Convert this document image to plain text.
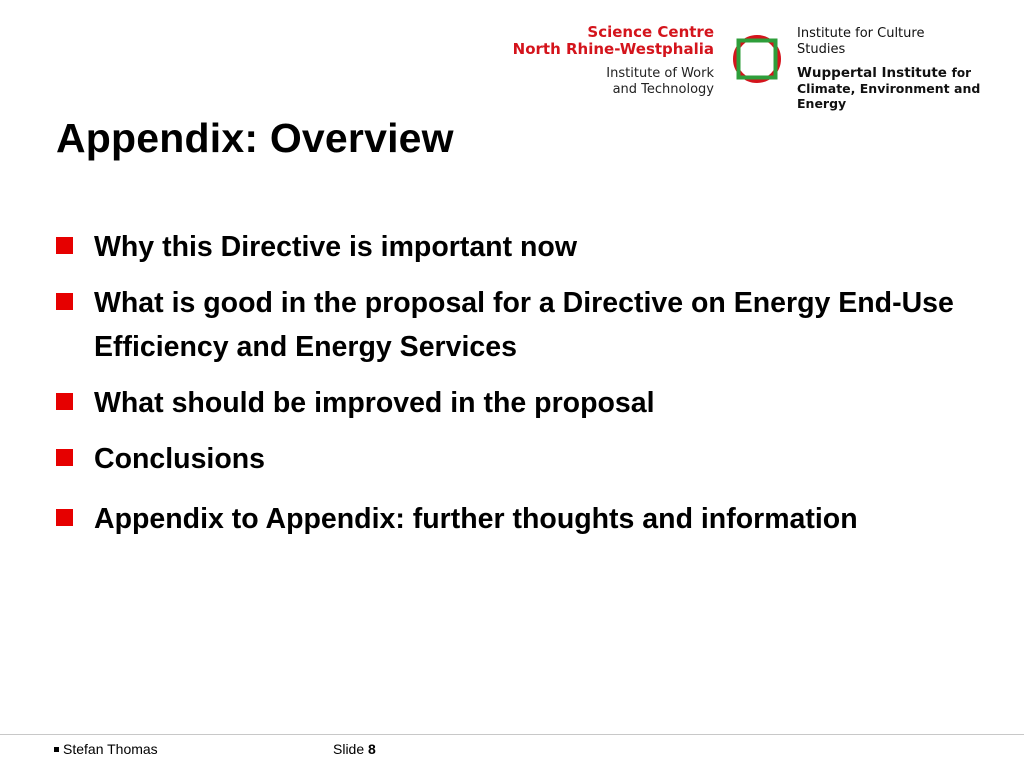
Science Centre
North Rhine-Westphalia
Institute of Work
and Technology
Institute for Culture
Studies
Wuppertal Institute for
Climate, Environment and
Energy
Appendix: Overview
Why this Directive is important now
What is good in the proposal for a Directive on Energy End-Use Efficiency and Energy Services
What should be improved in the proposal
Conclusions
Appendix to Appendix: further thoughts and information
Stefan Thomas	Slide 8
